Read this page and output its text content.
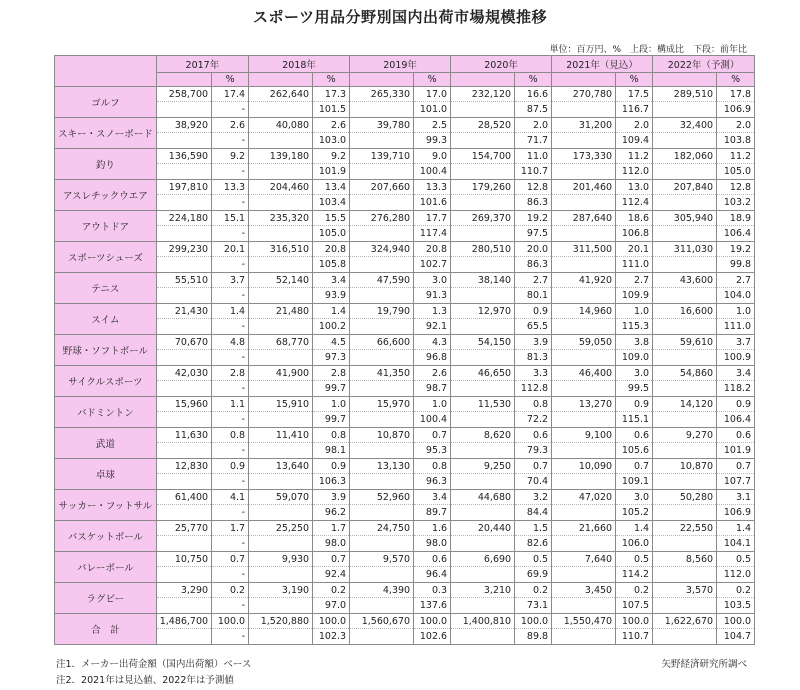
スポーツ用品分野別国内出荷市場規模推移
単位：百万円、%　上段：構成比　下段：前年比
	2017年		2018年		2019年		2020年		2021年（見込）		2022年（予測）	
		%		%		%		%		%		%
ゴルフ	258,700	17.4	262,640	17.3	265,330	17.0	232,120	16.6	270,780	17.5	289,510	17.8
		-		101.5		101.0		87.5		116.7		106.9
スキー・スノーボード	38,920	2.6	40,080	2.6	39,780	2.5	28,520	2.0	31,200	2.0	32,400	2.0
		-		103.0		99.3		71.7		109.4		103.8
釣り	136,590	9.2	139,180	9.2	139,710	9.0	154,700	11.0	173,330	11.2	182,060	11.2
		-		101.9		100.4		110.7		112.0		105.0
アスレチックウエア	197,810	13.3	204,460	13.4	207,660	13.3	179,260	12.8	201,460	13.0	207,840	12.8
		-		103.4		101.6		86.3		112.4		103.2
アウトドア	224,180	15.1	235,320	15.5	276,280	17.7	269,370	19.2	287,640	18.6	305,940	18.9
		-		105.0		117.4		97.5		106.8		106.4
スポーツシューズ	299,230	20.1	316,510	20.8	324,940	20.8	280,510	20.0	311,500	20.1	311,030	19.2
		-		105.8		102.7		86.3		111.0		99.8
テニス	55,510	3.7	52,140	3.4	47,590	3.0	38,140	2.7	41,920	2.7	43,600	2.7
		-		93.9		91.3		80.1		109.9		104.0
スイム	21,430	1.4	21,480	1.4	19,790	1.3	12,970	0.9	14,960	1.0	16,600	1.0
		-		100.2		92.1		65.5		115.3		111.0
野球・ソフトボール	70,670	4.8	68,770	4.5	66,600	4.3	54,150	3.9	59,050	3.8	59,610	3.7
		-		97.3		96.8		81.3		109.0		100.9
サイクルスポーツ	42,030	2.8	41,900	2.8	41,350	2.6	46,650	3.3	46,400	3.0	54,860	3.4
		-		99.7		98.7		112.8		99.5		118.2
バドミントン	15,960	1.1	15,910	1.0	15,970	1.0	11,530	0.8	13,270	0.9	14,120	0.9
		-		99.7		100.4		72.2		115.1		106.4
武道	11,630	0.8	11,410	0.8	10,870	0.7	8,620	0.6	9,100	0.6	9,270	0.6
		-		98.1		95.3		79.3		105.6		101.9
卓球	12,830	0.9	13,640	0.9	13,130	0.8	9,250	0.7	10,090	0.7	10,870	0.7
		-		106.3		96.3		70.4		109.1		107.7
サッカー・フットサル	61,400	4.1	59,070	3.9	52,960	3.4	44,680	3.2	47,020	3.0	50,280	3.1
		-		96.2		89.7		84.4		105.2		106.9
バスケットボール	25,770	1.7	25,250	1.7	24,750	1.6	20,440	1.5	21,660	1.4	22,550	1.4
		-		98.0		98.0		82.6		106.0		104.1
バレーボール	10,750	0.7	9,930	0.7	9,570	0.6	6,690	0.5	7,640	0.5	8,560	0.5
		-		92.4		96.4		69.9		114.2		112.0
ラグビー	3,290	0.2	3,190	0.2	4,390	0.3	3,210	0.2	3,450	0.2	3,570	0.2
		-		97.0		137.6		73.1		107.5		103.5
合　計	1,486,700	100.0	1,520,880	100.0	1,560,670	100.0	1,400,810	100.0	1,550,470	100.0	1,622,670	100.0
		-		102.3		102.6		89.8		110.7		104.7
注1．メーカー出荷金額（国内出荷額）ベース
注2．2021年は見込値、2022年は予測値
矢野経済研究所調べ
